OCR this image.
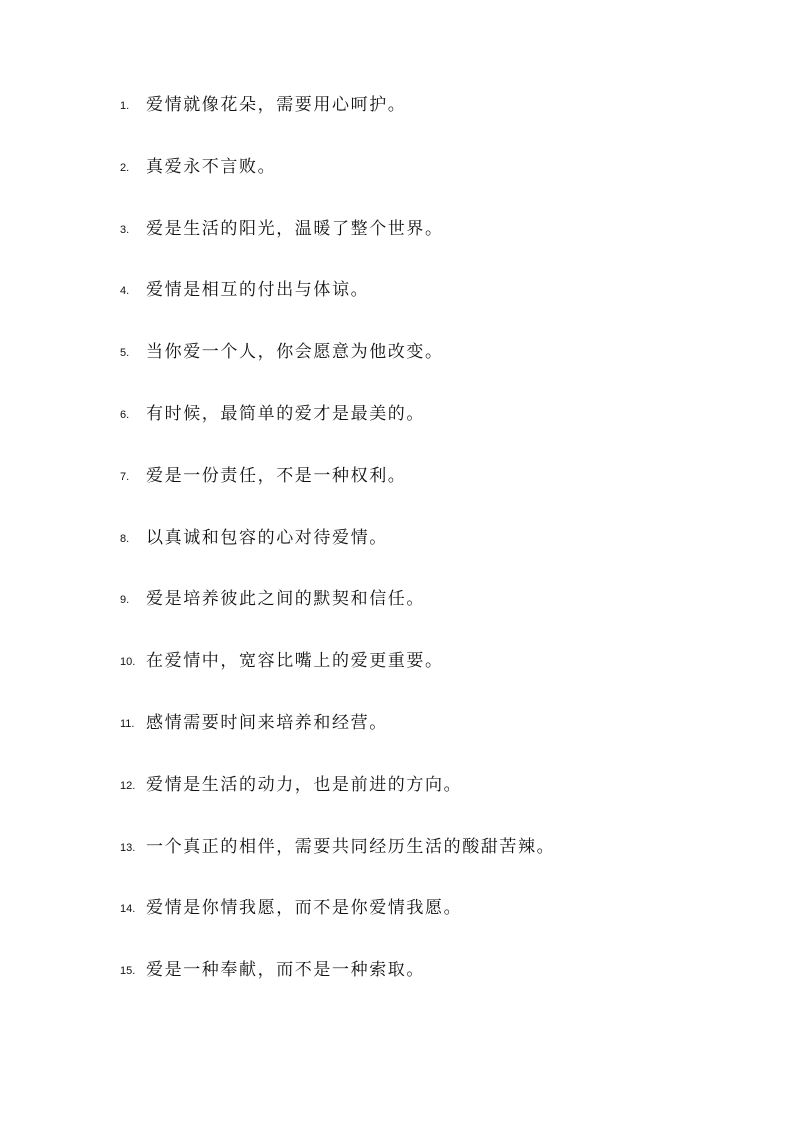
1. 爱情就像花朵，需要用心呵护。
2. 真爱永不言败。
3. 爱是生活的阳光，温暖了整个世界。
4. 爱情是相互的付出与体谅。
5. 当你爱一个人，你会愿意为他改变。
6. 有时候，最简单的爱才是最美的。
7. 爱是一份责任，不是一种权利。
8. 以真诚和包容的心对待爱情。
9. 爱是培养彼此之间的默契和信任。
10. 在爱情中，宽容比嘴上的爱更重要。
11. 感情需要时间来培养和经营。
12. 爱情是生活的动力，也是前进的方向。
13. 一个真正的相伴，需要共同经历生活的酸甜苦辣。
14. 爱情是你情我愿，而不是你爱情我愿。
15. 爱是一种奉献，而不是一种索取。
